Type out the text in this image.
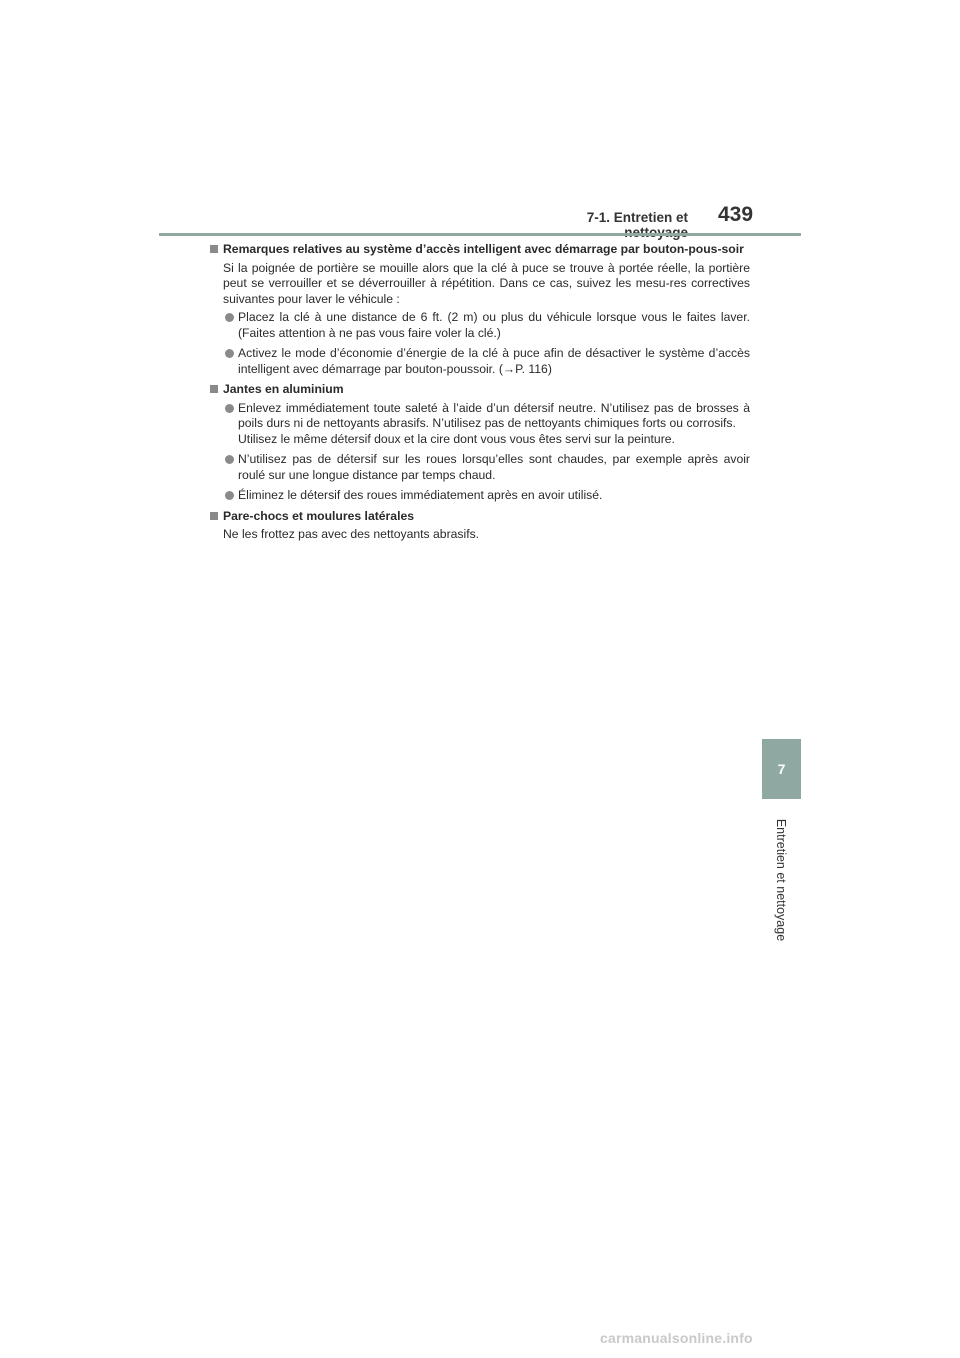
7-1. Entretien et 439
7
Entretien et nettoyage
Remarques relatives au système d’accès intelligent avec démarrage par bouton-pous-soir

Si la poignée de portière se mouille alors que la clé à puce se trouve à portée réelle, la portière peut se verrouiller et se déverrouiller à répétition. Dans ce cas, suivez les mesu-res correctives suivantes pour laver le véhicule :

Placez la clé à une distance de 6 ft. (2 m) ou plus du véhicule lorsque vous le faites laver. (Faites attention à ne pas vous faire voler la clé.)

Activez le mode d’économie d’énergie de la clé à puce afin de désactiver le système d’accès intelligent avec démarrage par bouton-poussoir. (→P. 116)

Jantes en aluminium

Enlevez immédiatement toute saleté à l’aide d’un détersif neutre. N’utilisez pas de brosses à poils durs ni de nettoyants abrasifs. N’utilisez pas de nettoyants chimiques forts ou corrosifs.

Utilisez le même détersif doux et la cire dont vous vous êtes servi sur la peinture.

N’utilisez pas de détersif sur les roues lorsqu’elles sont chaudes, par exemple après avoir roulé sur une longue distance par temps chaud.

Éliminez le détersif des roues immédiatement après en avoir utilisé.

Pare-chocs et moulures latérales

Ne les frottez pas avec des nettoyants abrasifs.

carmanualsonline.info
